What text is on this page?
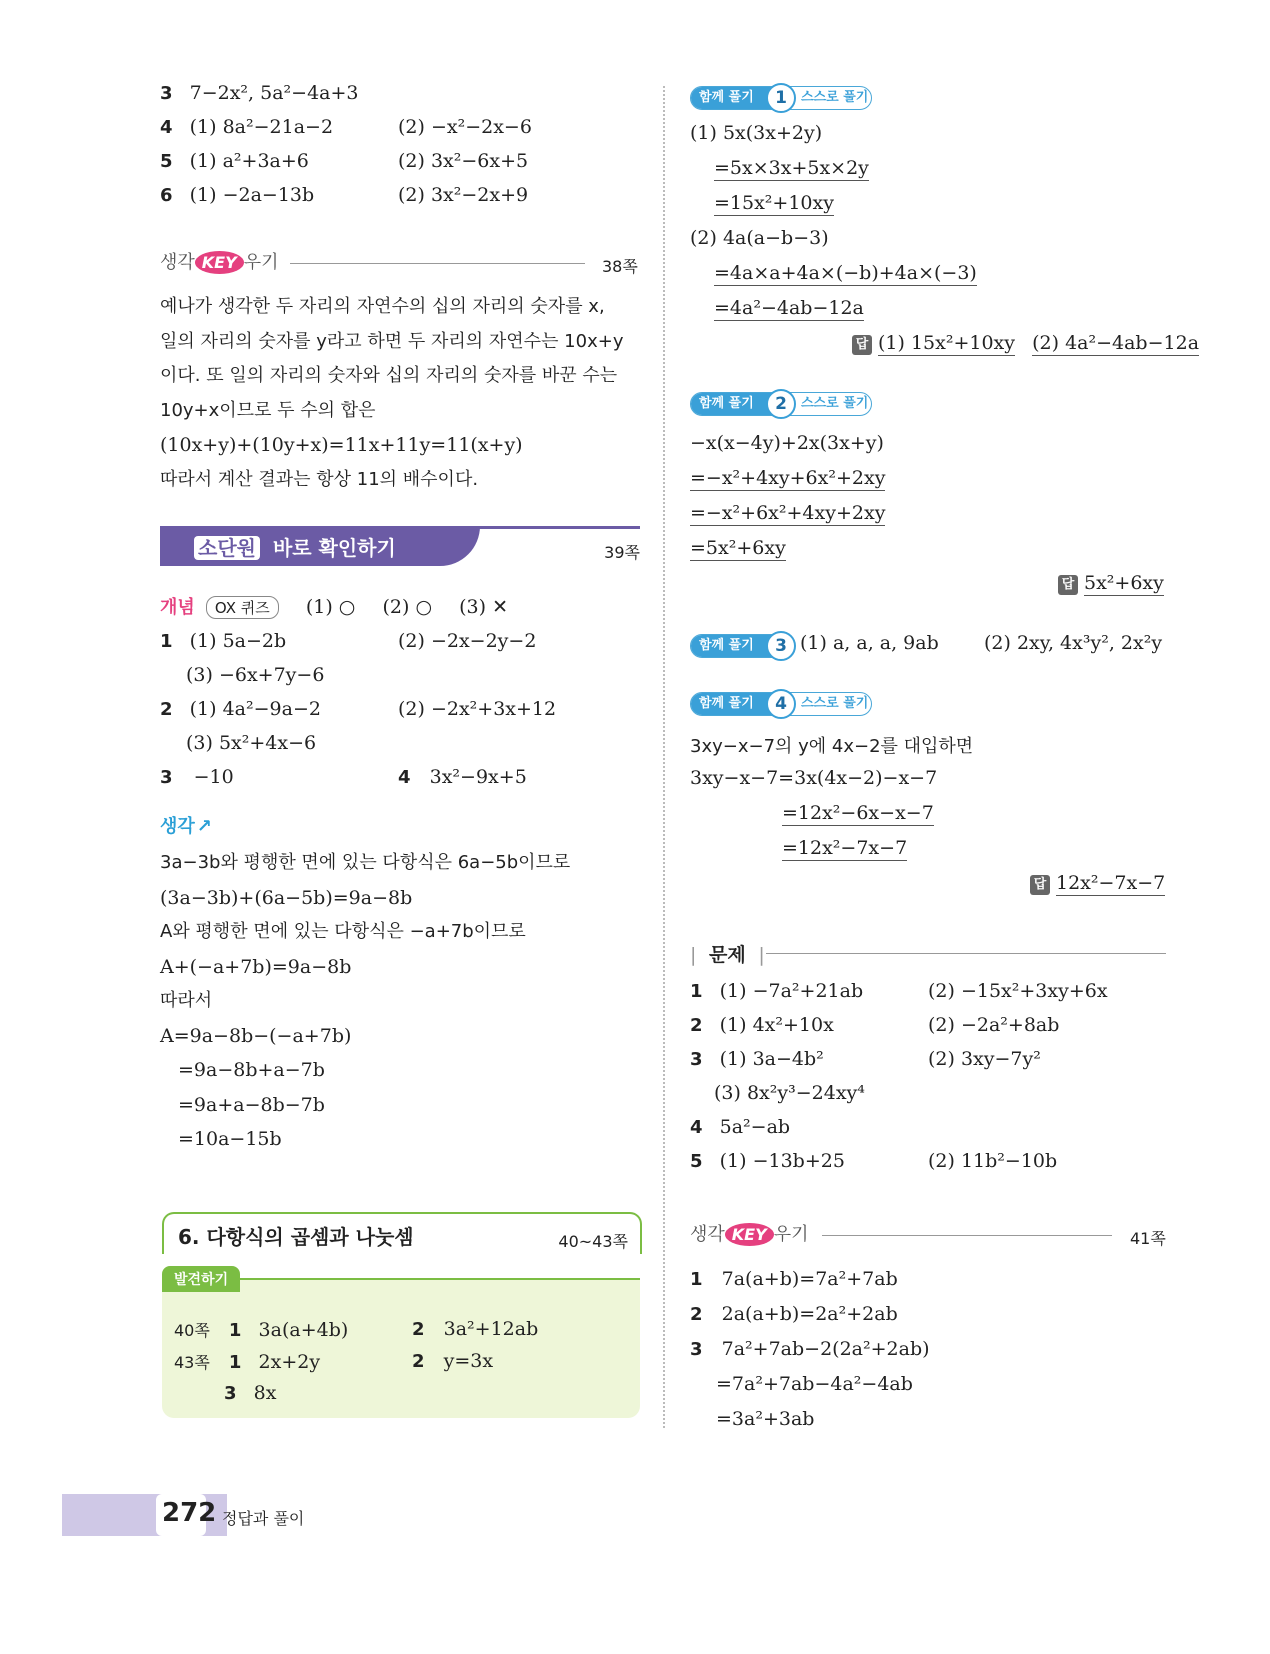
3 7−2x², 5a²−4a+3
4 (1) 8a²−21a−2	(2) −x²−2x−6
5 (1) a²+3a+6	(2) 3x²−6x+5
6 (1) −2a−13b	(2) 3x²−2x+9
생각 KEY 우기	38쪽
예나가 생각한 두 자리의 자연수의 십의 자리의 숫자를 x,
일의 자리의 숫자를 y라고 하면 두 자리의 자연수는 10x+y
이다. 또 일의 자리의 숫자와 십의 자리의 숫자를 바꾼 수는
10y+x이므로 두 수의 합은
(10x+y)+(10y+x)=11x+11y=11(x+y)
따라서 계산 결과는 항상 11의 배수이다.
소단원 바로 확인하기	39쪽
개념 OX 퀴즈 (1) ○ (2) ○ (3) ✕
1 (1) 5a−2b	(2) −2x−2y−2
(3) −6x+7y−6
2 (1) 4a²−9a−2	(2) −2x²+3x+12
(3) 5x²+4x−6
3 −10	4 3x²−9x+5
생각 ↗
3a−3b와 평행한 면에 있는 다항식은 6a−5b이므로
(3a−3b)+(6a−5b)=9a−8b
A와 평행한 면에 있는 다항식은 −a+7b이므로
A+(−a+7b)=9a−8b
따라서
A=9a−8b−(−a+7b)
=9a−8b+a−7b
=9a+a−8b−7b
=10a−15b
6. 다항식의 곱셈과 나눗셈	40~43쪽
발견하기
40쪽 1 3a(a+4b)	2 3a²+12ab
43쪽 1 2x+2y	2 y=3x
3 8x
함께 풀기	1	스스로 풀기
(1) 5x(3x+2y)
=5x×3x+5x×2y
=15x²+10xy
(2) 4a(a−b−3)
=4a×a+4a×(−b)+4a×(−3)
=4a²−4ab−12a
답 (1) 15x²+10xy (2) 4a²−4ab−12a
함께 풀기	2	스스로 풀기
−x(x−4y)+2x(3x+y)
=−x²+4xy+6x²+2xy
=−x²+6x²+4xy+2xy
=5x²+6xy
답 5x²+6xy
함께 풀기	3 (1) a, a, a, 9ab (2) 2xy, 4x³y², 2x²y
함께 풀기	4	스스로 풀기
3xy−x−7의 y에 4x−2를 대입하면
3xy−x−7=3x(4x−2)−x−7
=12x²−6x−x−7
=12x²−7x−7
답 12x²−7x−7
| 문제 |
1 (1) −7a²+21ab	(2) −15x²+3xy+6x
2 (1) 4x²+10x	(2) −2a²+8ab
3 (1) 3a−4b²	(2) 3xy−7y²
(3) 8x²y³−24xy⁴
4 5a²−ab
5 (1) −13b+25	(2) 11b²−10b
생각 KEY 우기	41쪽
1 7a(a+b)=7a²+7ab
2 2a(a+b)=2a²+2ab
3 7a²+7ab−2(2a²+2ab)
=7a²+7ab−4a²−4ab
=3a²+3ab
272 정답과 풀이
